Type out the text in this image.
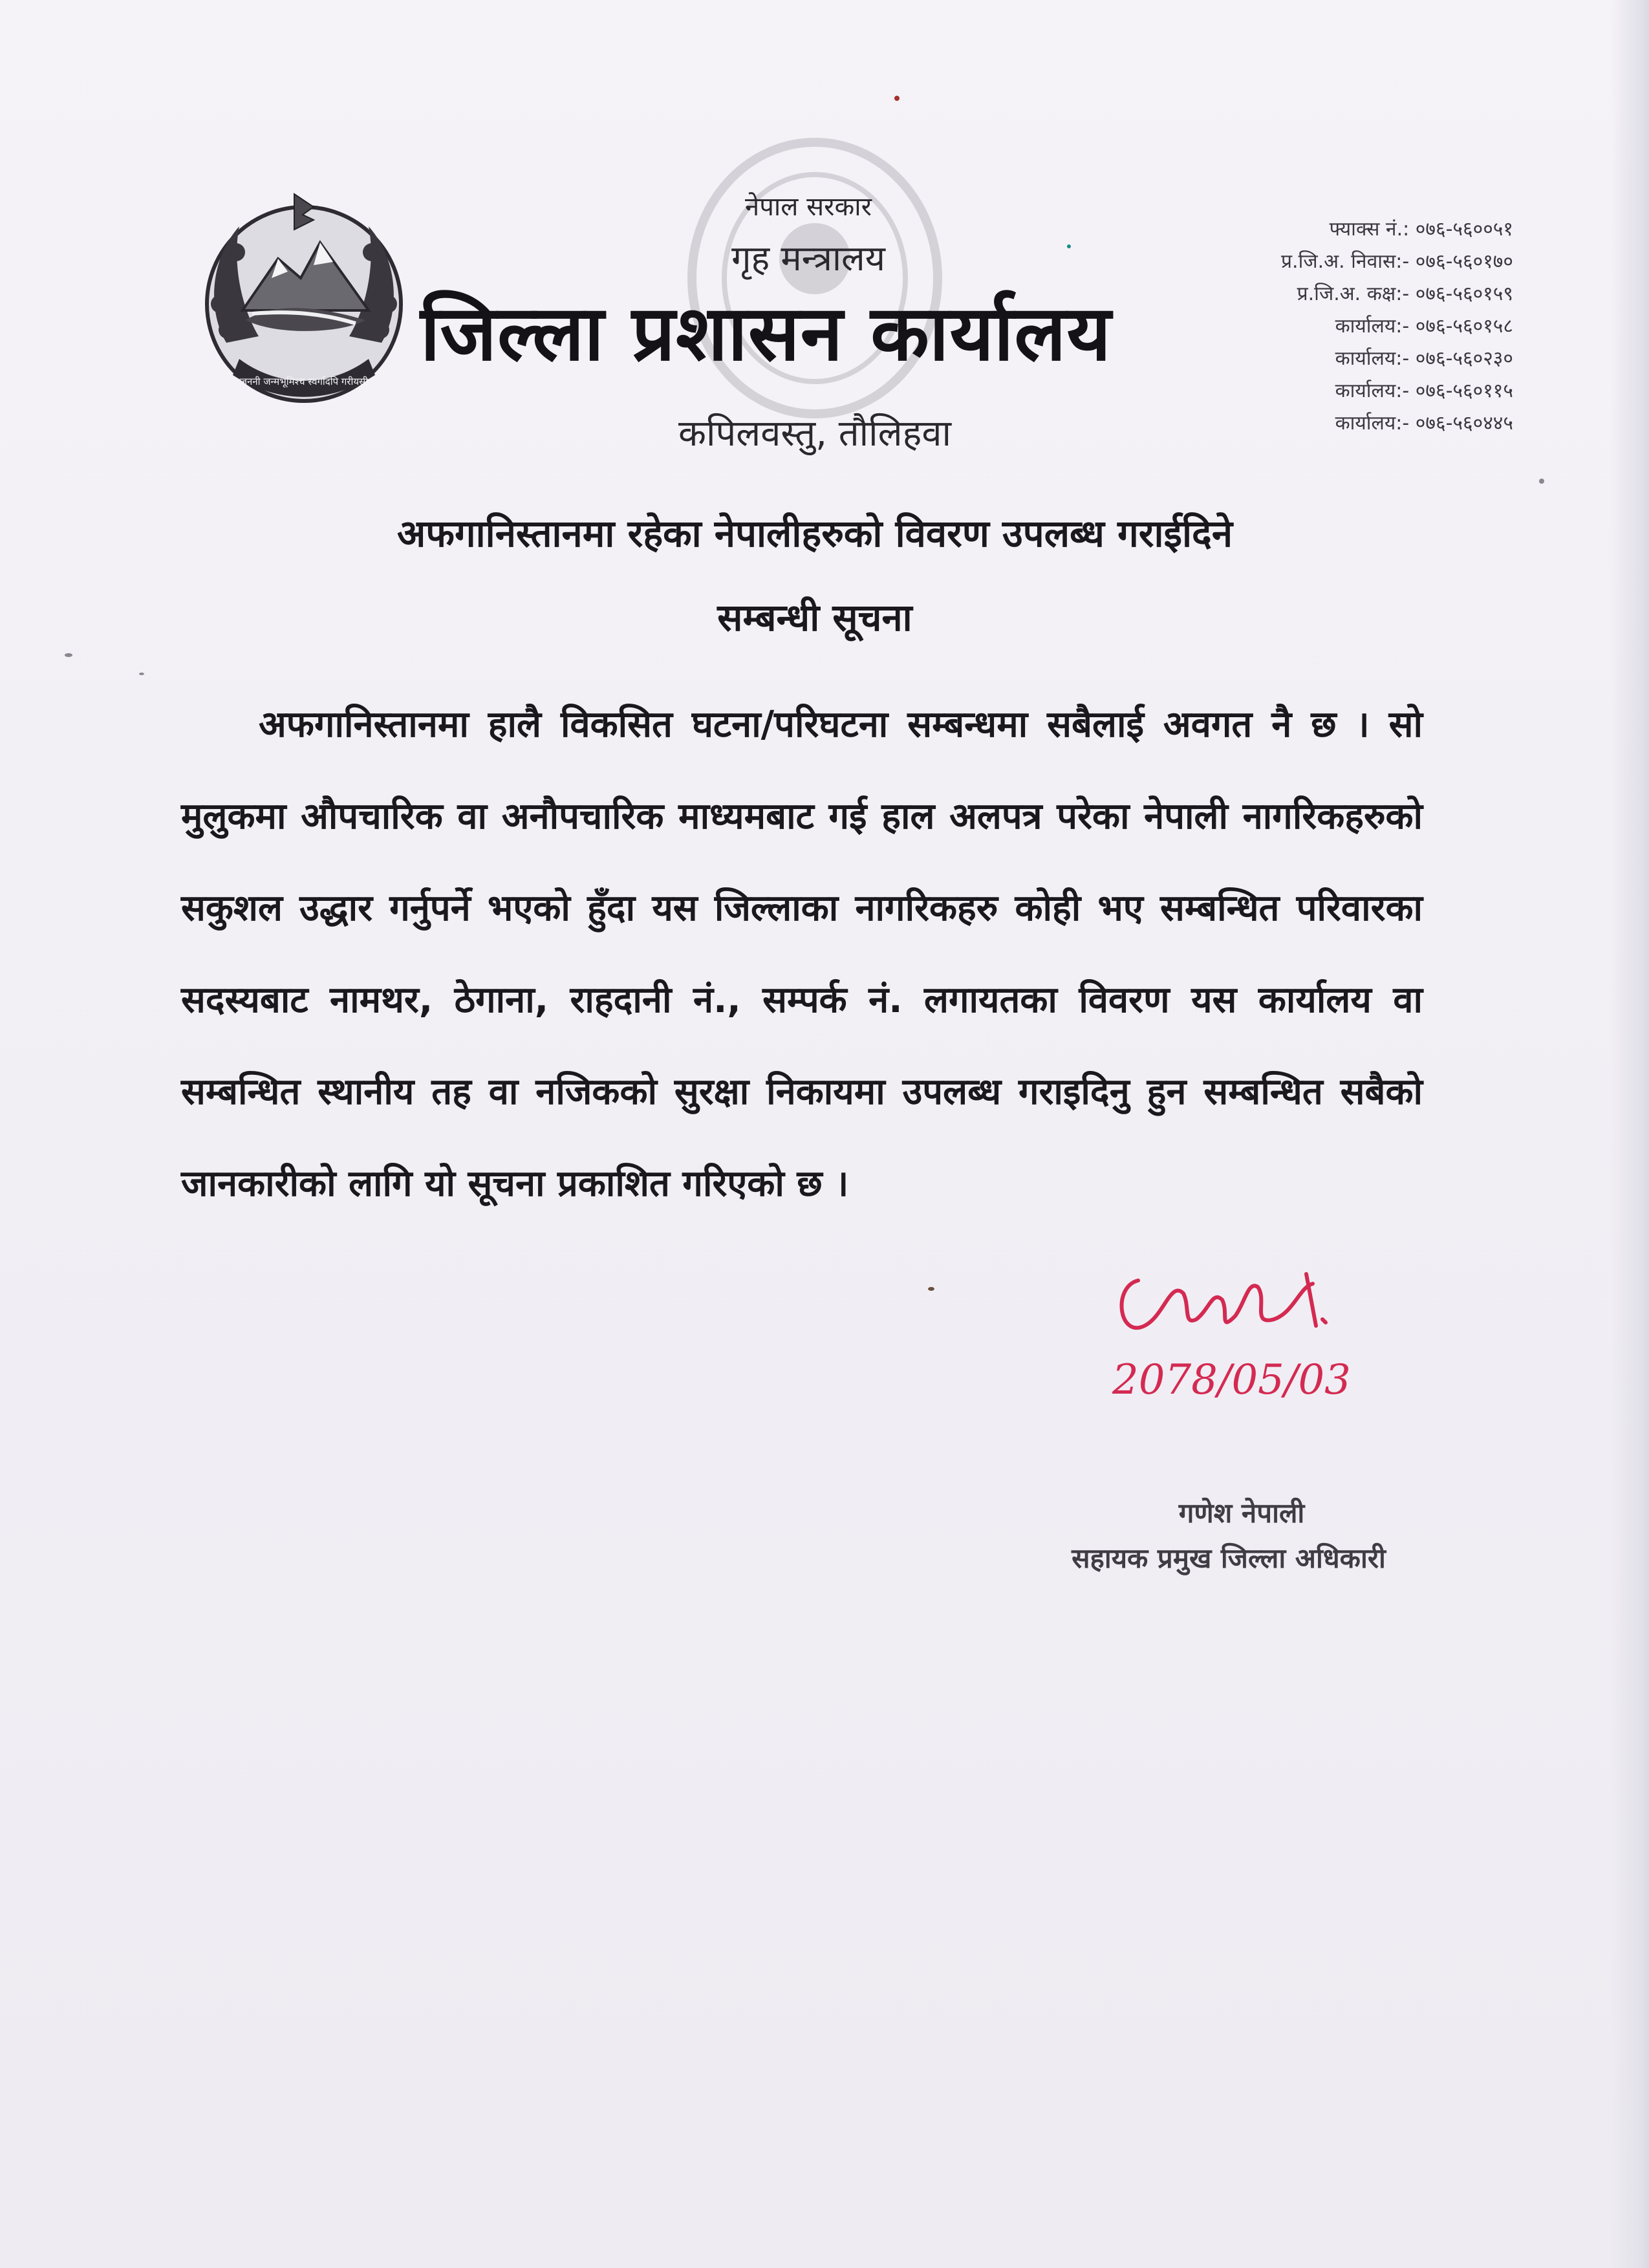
जननी जन्मभूमिश्च स्वर्गादपि गरीयसी
नेपाल सरकार
गृह मन्त्रालय
जिल्ला प्रशासन कार्यालय
कपिलवस्तु, तौलिहवा
फ्याक्स नं.: ०७६-५६००५१
प्र.जि.अ. निवास:- ०७६-५६०१७०
प्र.जि.अ. कक्ष:- ०७६-५६०१५९
कार्यालय:- ०७६-५६०१५८
कार्यालय:- ०७६-५६०२३०
कार्यालय:- ०७६-५६०११५
कार्यालय:- ०७६-५६०४४५
अफगानिस्तानमा रहेका नेपालीहरुको विवरण उपलब्ध गराईदिने
सम्बन्धी सूचना

अफगानिस्तानमा हालै विकसित घटना/परिघटना सम्बन्धमा सबैलाई अवगत नै छ । सो मुलुकमा औपचारिक वा अनौपचारिक माध्यमबाट गई हाल अलपत्र परेका नेपाली नागरिकहरुको सकुशल उद्धार गर्नुपर्ने भएको हुँदा यस जिल्लाका नागरिकहरु कोही भए सम्बन्धित परिवारका सदस्यबाट नामथर, ठेगाना, राहदानी नं., सम्पर्क नं. लगायतका विवरण यस कार्यालय वा सम्बन्धित स्थानीय तह वा नजिकको सुरक्षा निकायमा उपलब्ध गराइदिनु हुन सम्बन्धित सबैको जानकारीको लागि यो सूचना प्रकाशित गरिएको छ ।

2078/05/03
गणेश नेपाली
सहायक प्रमुख जिल्ला अधिकारी
